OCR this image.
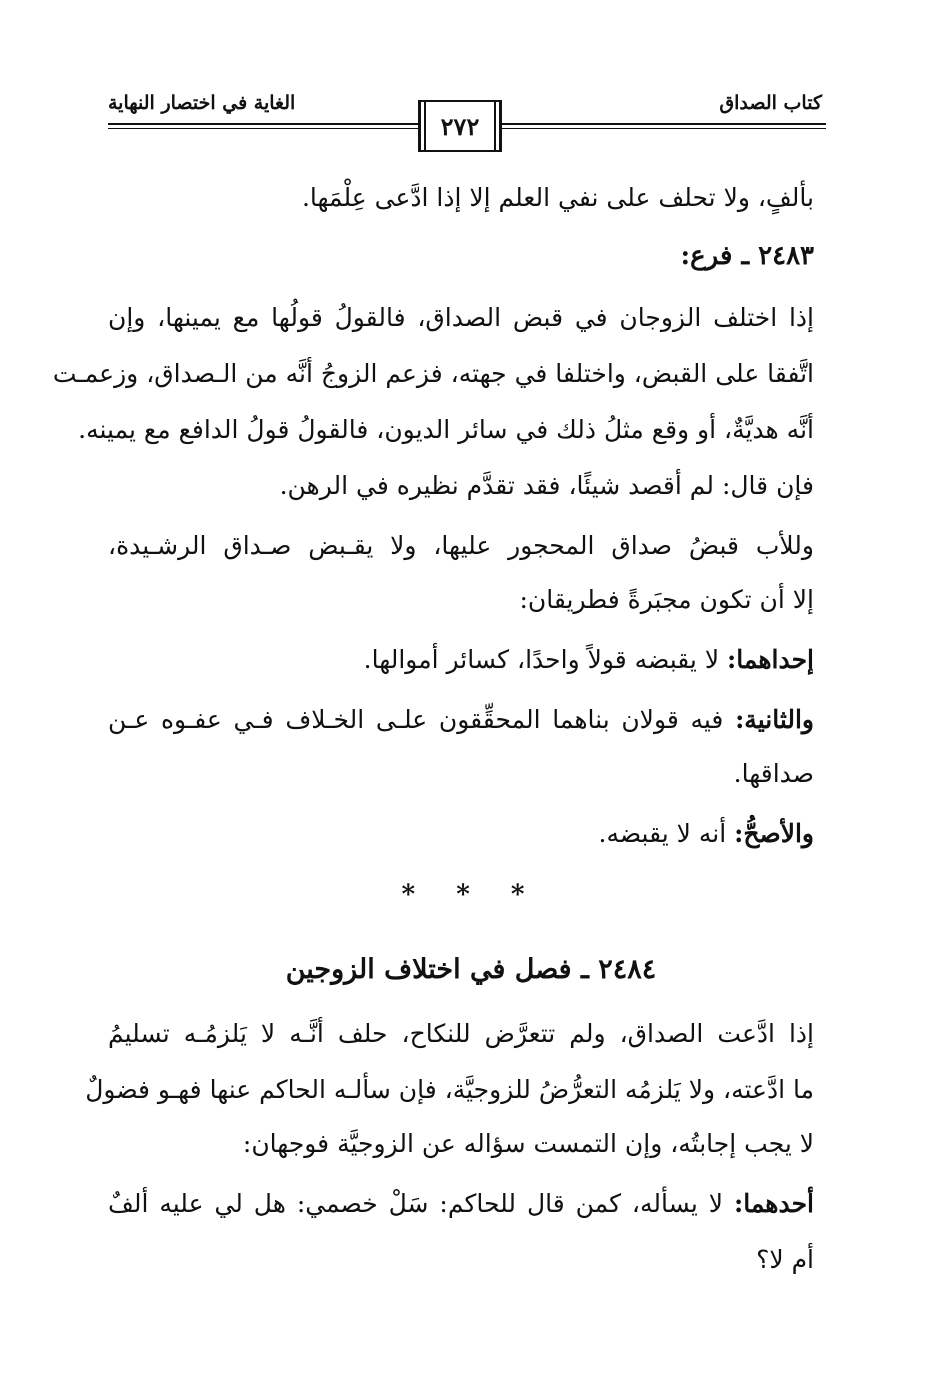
كتاب الصداق
الغاية في اختصار النهاية
٢٧٢
بألفٍ، ولا تحلف على نفي العلم إلا إذا ادَّعى عِلْمَها.
٢٤٨٣ ـ فرع:
إذا اختلف الزوجان في قبض الصداق، فالقولُ قولُها مع يمينها، وإن
اتَّفقا على القبض، واختلفا في جهته، فزعم الزوجُ أنَّه من الـصداق، وزعمـت
أنَّه هديَّةٌ، أو وقع مثلُ ذلك في سائر الديون، فالقولُ قولُ الدافع مع يمينه.
فإن قال: لم أقصد شيئًا، فقد تقدَّم نظيره في الرهن.
وللأب قبضُ صداق المحجور عليها، ولا يقـبض صـداق الرشـيدة،
إلا أن تكون مجبَرةً فطريقان:
إحداهما: لا يقبضه قولاً واحدًا، كسائر أموالها.
والثانية: فيه قولان بناهما المحقِّقون علـى الخـلاف فـي عفـوه عـن
صداقها.
والأصحُّ: أنه لا يقبضه.
* * *
٢٤٨٤ ـ فصل في اختلاف الزوجين
إذا ادَّعت الصداق، ولم تتعرَّض للنكاح، حلف أنَّـه لا يَلزمُـه تسليمُ
ما ادَّعته، ولا يَلزمُه التعرُّضُ للزوجيَّة، فإن سألـه الحاكم عنها فهـو فضولٌ
لا يجب إجابتُه، وإن التمست سؤاله عن الزوجيَّة فوجهان:
أحدهما: لا يسأله، كمن قال للحاكم: سَلْ خصمي: هل لي عليه ألفٌ
أم لا؟
